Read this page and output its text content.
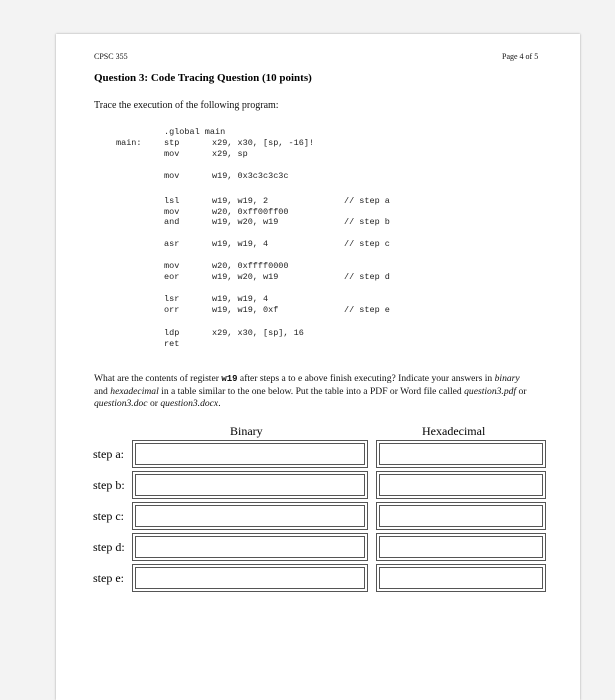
CPSC 355	Page 4 of 5
Question 3: Code Tracing Question (10 points)
Trace the execution of the following program:
.global main
main:	stp	x29, x30, [sp, -16]!
mov	x29, sp
mov	w19, 0x3c3c3c3c
lsl	w19, w19, 2	// step a
mov	w20, 0xff00ff00
and	w19, w20, w19	// step b
asr	w19, w19, 4	// step c
mov	w20, 0xffff0000
eor	w19, w20, w19	// step d
lsr	w19, w19, 4
orr	w19, w19, 0xf	// step e
ldp	x29, x30, [sp], 16
ret
What are the contents of register w19 after steps a to e above finish executing? Indicate your answers in binary and hexadecimal in a table similar to the one below. Put the table into a PDF or Word file called question3.pdf or question3.doc or question3.docx.
Binary	Hexadecimal
step a:
step b:
step c:
step d:
step e:
